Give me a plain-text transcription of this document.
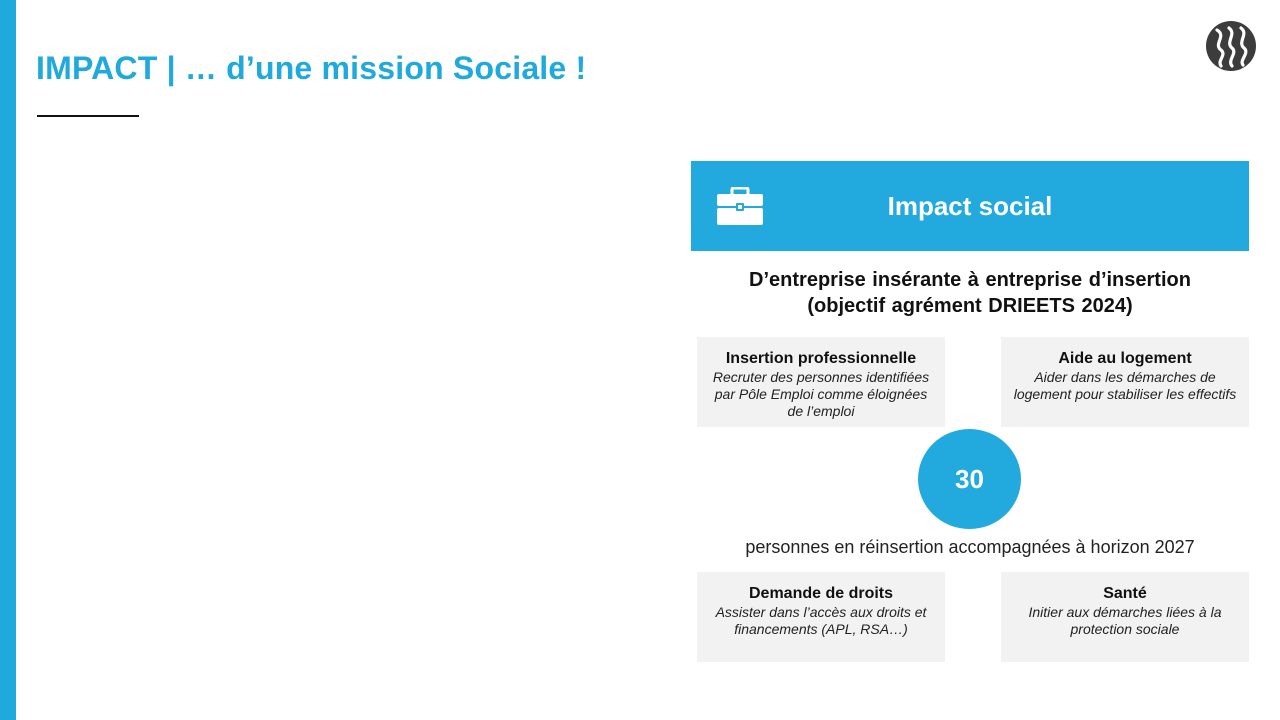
IMPACT | … d’une mission Sociale !
Impact social
D’entreprise insérante à entreprise d’insertion
(objectif agrément DRIEETS 2024)
Insertion professionnelle
Recruter des personnes identifiées par Pôle Emploi comme éloignées de l’emploi
Aide au logement
Aider dans les démarches de logement pour stabiliser les effectifs
30
personnes en réinsertion accompagnées à horizon 2027
Demande de droits
Assister dans l’accès aux droits et financements (APL, RSA…)
Santé
Initier aux démarches liées à la protection sociale
